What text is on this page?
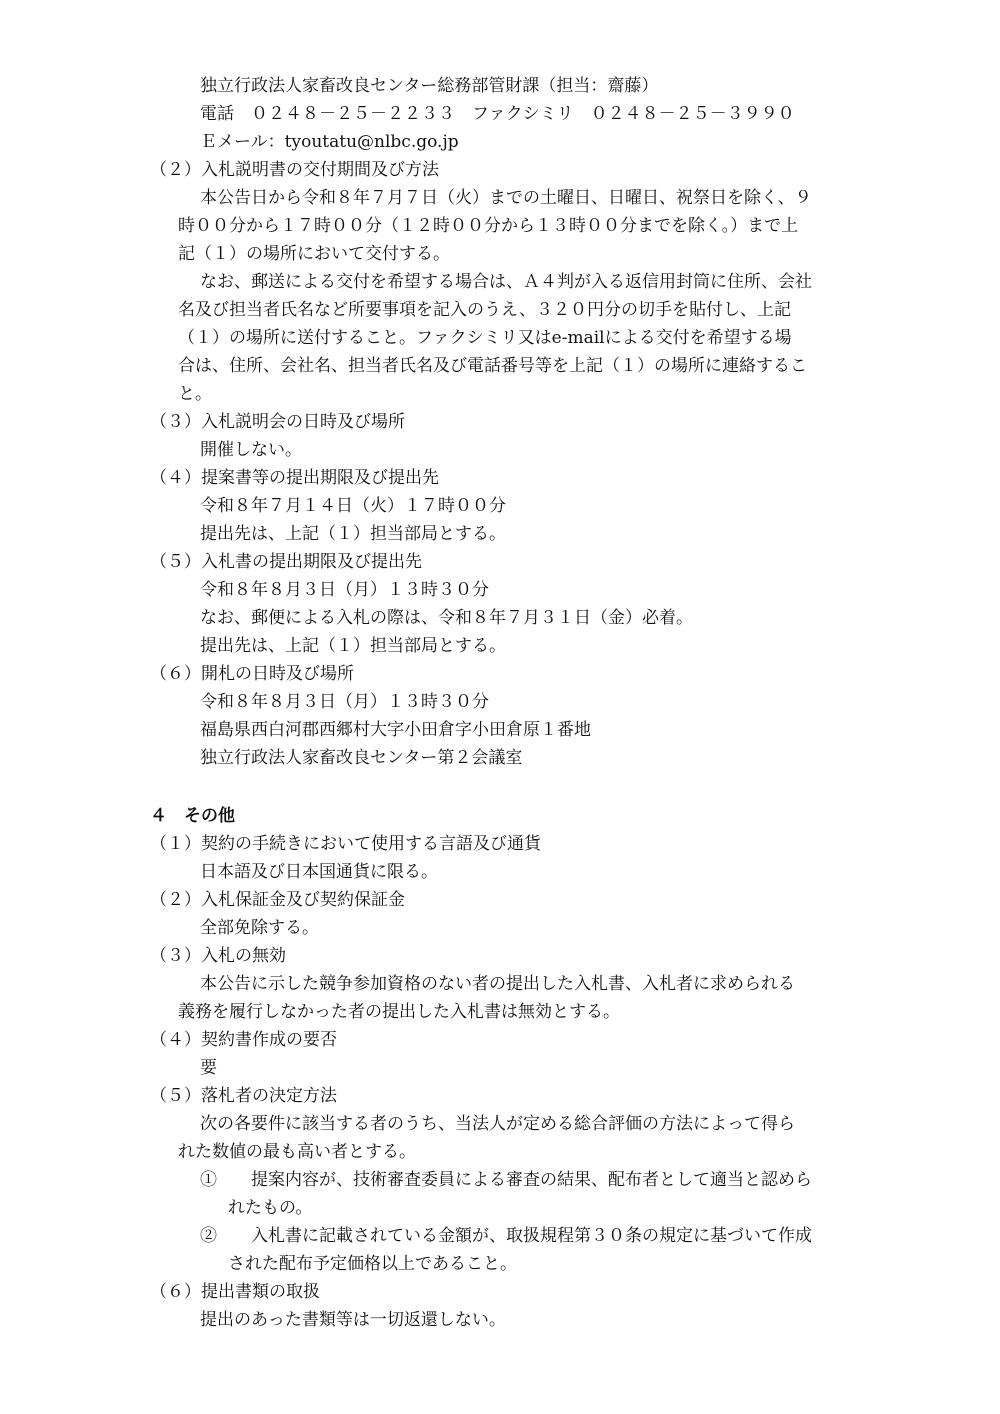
独立行政法人家畜改良センター総務部管財課（担当：齋藤）
電話　０２４８－２５－２２３３　ファクシミリ　０２４８－２５－３９９０
Ｅメール：tyoutatu@nlbc.go.jp
（２）入札説明書の交付期間及び方法
本公告日から令和８年７月７日（火）までの土曜日、日曜日、祝祭日を除く、９
時００分から１７時００分（１２時００分から１３時００分までを除く。）まで上
記（１）の場所において交付する。
なお、郵送による交付を希望する場合は、Ａ４判が入る返信用封筒に住所、会社
名及び担当者氏名など所要事項を記入のうえ、３２０円分の切手を貼付し、上記
（１）の場所に送付すること。ファクシミリ又はe-mailによる交付を希望する場
合は、住所、会社名、担当者氏名及び電話番号等を上記（１）の場所に連絡するこ
と。
（３）入札説明会の日時及び場所
開催しない。
（４）提案書等の提出期限及び提出先
令和８年７月１４日（火）１７時００分
提出先は、上記（１）担当部局とする。
（５）入札書の提出期限及び提出先
令和８年８月３日（月）１３時３０分
なお、郵便による入札の際は、令和８年７月３１日（金）必着。
提出先は、上記（１）担当部局とする。
（６）開札の日時及び場所
令和８年８月３日（月）１３時３０分
福島県西白河郡西郷村大字小田倉字小田倉原１番地
独立行政法人家畜改良センター第２会議室
４　その他
（１）契約の手続きにおいて使用する言語及び通貨
日本語及び日本国通貨に限る。
（２）入札保証金及び契約保証金
全部免除する。
（３）入札の無効
本公告に示した競争参加資格のない者の提出した入札書、入札者に求められる
義務を履行しなかった者の提出した入札書は無効とする。
（４）契約書作成の要否
要
（５）落札者の決定方法
次の各要件に該当する者のうち、当法人が定める総合評価の方法によって得ら
れた数値の最も高い者とする。
①　　提案内容が、技術審査委員による審査の結果、配布者として適当と認めら
れたもの。
②　　入札書に記載されている金額が、取扱規程第３０条の規定に基づいて作成
された配布予定価格以上であること。
（６）提出書類の取扱
提出のあった書類等は一切返還しない。
